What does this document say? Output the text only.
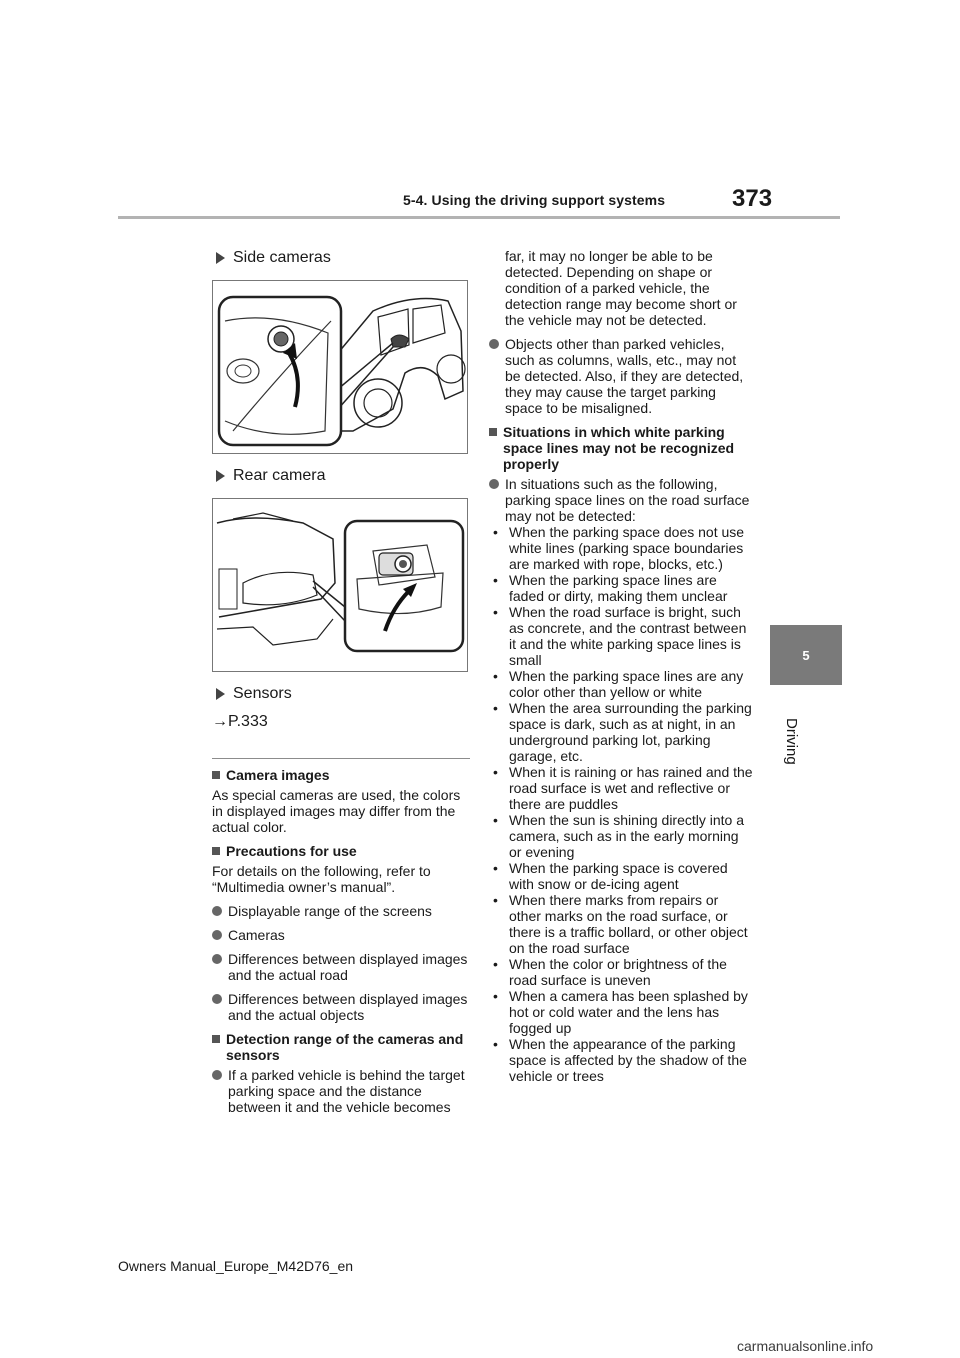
5-4. Using the driving support systems	373
5
Driving
Side cameras
Rear camera
Sensors

→P.333

Camera images

As special cameras are used, the colors in displayed images may differ from the actual color.

Precautions for use

For details on the following, refer to “Multimedia owner’s manual”.

Displayable range of the screens
Cameras
Differences between displayed images and the actual road
Differences between displayed images and the actual objects
Detection range of the cameras and sensors
If a parked vehicle is behind the target parking space and the distance between it and the vehicle becomes

far, it may no longer be able to be detected. Depending on shape or condition of a parked vehicle, the detection range may become short or the vehicle may not be detected.

Objects other than parked vehicles, such as columns, walls, etc., may not be detected. Also, if they are detected, they may cause the target parking space to be misaligned.
Situations in which white parking space lines may not be recognized properly
In situations such as the following, parking space lines on the road surface may not be detected:
• When the parking space does not use white lines (parking space boundaries are marked with rope, blocks, etc.)
• When the parking space lines are faded or dirty, making them unclear
• When the road surface is bright, such as concrete, and the contrast between it and the white parking space lines is small
• When the parking space lines are any color other than yellow or white
• When the area surrounding the parking space is dark, such as at night, in an underground parking lot, parking garage, etc.
• When it is raining or has rained and the road surface is wet and reflective or there are puddles
• When the sun is shining directly into a camera, such as in the early morning or evening
• When the parking space is covered with snow or de-icing agent
• When there marks from repairs or other marks on the road surface, or there is a traffic bollard, or other object on the road surface
• When the color or brightness of the road surface is uneven
• When a camera has been splashed by hot or cold water and the lens has fogged up
• When the appearance of the parking space is affected by the shadow of the vehicle or trees
Owners Manual_Europe_M42D76_en
carmanualsonline.info
